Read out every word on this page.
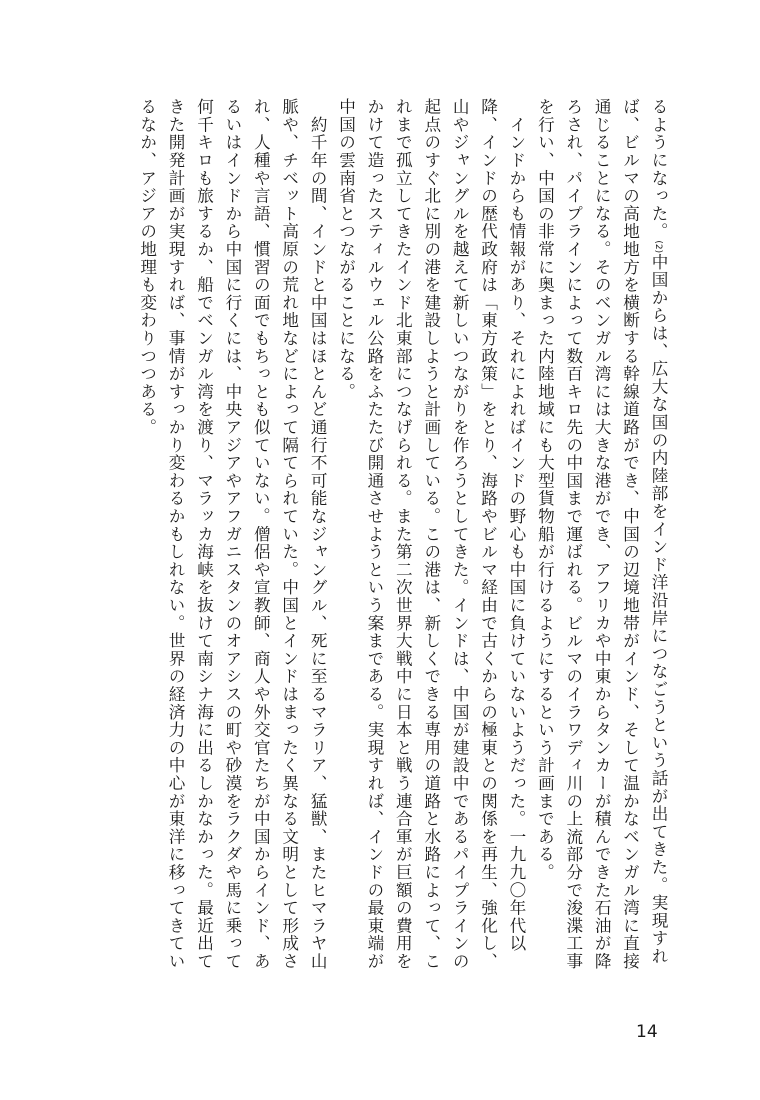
るようになった。(2)中国からは、広大な国の内陸部をインド洋沿岸につなごうという話が出てきた。実現すれば、ビルマの高地地方を横断する幹線道路ができ、中国の辺境地帯がインド、そして温かなベンガル湾に直接通じることになる。そのベンガル湾には大きな港ができ、アフリカや中東からタンカーが積んできた石油が降ろされ、パイプラインによって数百キロ先の中国まで運ばれる。ビルマのイラワディ川の上流部分で浚渫工事を行い、中国の非常に奥まった内陸地域にも大型貨物船が行けるようにするという計画まである。

　インドからも情報があり、それによればインドの野心も中国に負けていないようだった。一九九〇年代以降、インドの歴代政府は「東方政策」をとり、海路やビルマ経由で古くからの極東との関係を再生、強化し、山やジャングルを越えて新しいつながりを作ろうとしてきた。インドは、中国が建設中であるパイプラインの起点のすぐ北に別の港を建設しようと計画している。この港は、新しくできる専用の道路と水路によって、これまで孤立してきたインド北東部につなげられる。また第二次世界大戦中に日本と戦う連合軍が巨額の費用をかけて造ったスティルウェル公路をふたたび開通させようという案まである。実現すれば、インドの最東端が中国の雲南省とつながることになる。

　約千年の間、インドと中国はほとんど通行不可能なジャングル、死に至るマラリア、猛獣、またヒマラヤ山脈や、チベット高原の荒れ地などによって隔てられていた。中国とインドはまったく異なる文明として形成され、人種や言語、慣習の面でもちっとも似ていない。僧侶や宣教師、商人や外交官たちが中国からインド、あるいはインドから中国に行くには、中央アジアやアフガニスタンのオアシスの町や砂漠をラクダや馬に乗って何千キロも旅するか、船でベンガル湾を渡り、マラッカ海峡を抜けて南シナ海に出るしかなかった。最近出てきた開発計画が実現すれば、事情がすっかり変わるかもしれない。世界の経済力の中心が東洋に移ってきているなか、アジアの地理も変わりつつある。

14
